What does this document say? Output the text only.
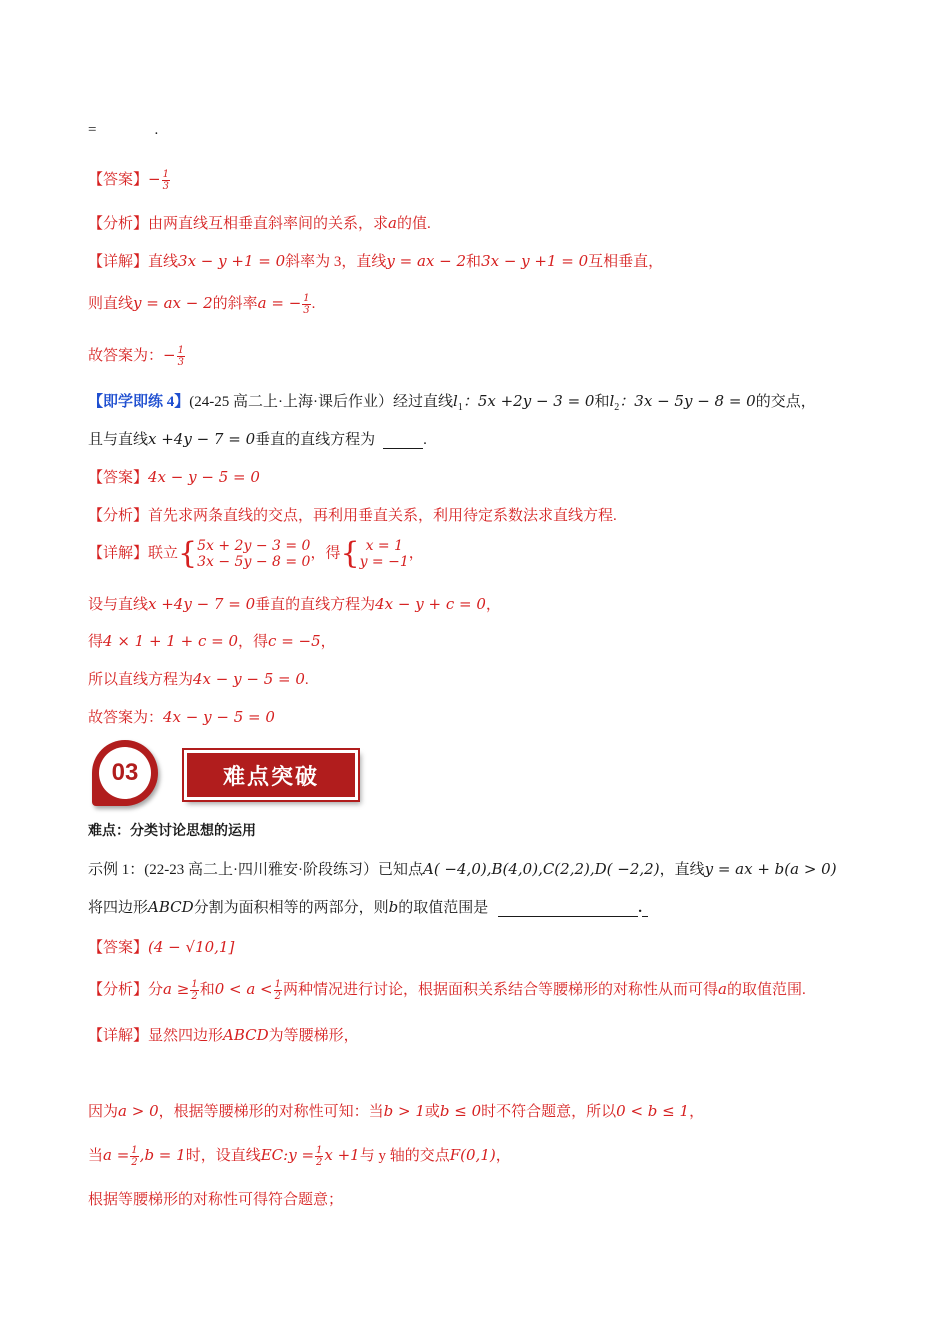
=	.
【答案】− $\frac{1}{3}$
【分析】由两直线互相垂直斜率间的关系，求a的值.
【详解】直线3x − y +1 = 0斜率为 3，直线y = ax − 2和3x − y +1 = 0互相垂直，
则直线y = ax − 2的斜率a = − $\frac{1}{3}$ .
故答案为：− $\frac{1}{3}$
【即学即练 4】(24-25 高二上·上海·课后作业）经过直线$l_1$：5x +2y − 3 = 0和$l_2$：3x − 5y − 8 = 0的交点，
且与直线x +4y − 7 = 0垂直的直线方程为	.
【答案】4x − y − 5 = 0
【分析】首先求两条直线的交点，再利用垂直关系，利用待定系数法求直线方程.
【详解】联立{ 5x + 2y − 3 = 0
3x − 5y − 8 = 0
，得{ x = 1
y = −1
，
设与直线x +4y − 7 = 0垂直的直线方程为4x − y + c = 0，
得4 × 1 + 1 + c = 0，得c = −5，
所以直线方程为4x − y − 5 = 0.
故答案为：4x − y − 5 = 0
03	难点突破
难点：分类讨论思想的运用
示例 1：(22-23 高二上·四川雅安·阶段练习）已知点A( −4,0),B(4,0),C(2,2),D( −2,2)，直线y = ax + b(a > 0)
将四边形ABCD分割为面积相等的两部分，则b的取值范围是	.
【答案】(4 − √10,1]
【分析】分$a \ge \frac{1}{2}$ 和$0 < a < \frac{1}{2}$ 两种情况进行讨论，根据面积关系结合等腰梯形的对称性从而可得a的取值范围.
【详解】显然四边形ABCD为等腰梯形，
因为a > 0，根据等腰梯形的对称性可知：当b > 1或b ≤ 0时不符合题意，所以0 < b ≤ 1，
当$a = \frac{1}{2} ,b = 1$时，设直线EC:y = $\frac{1}{2}$ x +1与 y 轴的交点F(0,1)，
根据等腰梯形的对称性可得符合题意；
